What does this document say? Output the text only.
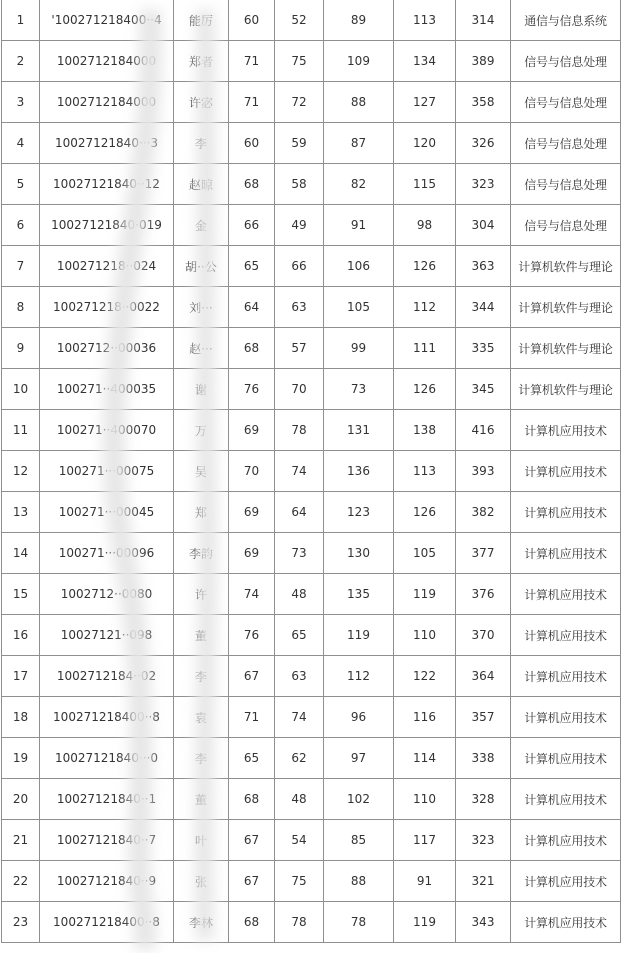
1	'100271218400··4	能厉	60	52	89	113	314	通信与信息系统
2	1002712184000	郑者	71	75	109	134	389	信号与信息处理
3	1002712184000	许宓	71	72	88	127	358	信号与信息处理
4	10027121840···3	李	60	59	87	120	326	信号与信息处理
5	10027121840··12	赵晾	68	58	82	115	323	信号与信息处理
6	10027121840·019	金	66	49	91	98	304	信号与信息处理
7	100271218··024	胡··公	65	66	106	126	363	计算机软件与理论
8	100271218··0022	刘···	64	63	105	112	344	计算机软件与理论
9	1002712··00036	赵···	68	57	99	111	335	计算机软件与理论
10	100271··400035	谢	76	70	73	126	345	计算机软件与理论
11	100271··400070	万	69	78	131	138	416	计算机应用技术
12	100271···00075	吴	70	74	136	113	393	计算机应用技术
13	100271···00045	郑	69	64	123	126	382	计算机应用技术
14	100271···00096	李韵	69	73	130	105	377	计算机应用技术
15	1002712··0080	许	74	48	135	119	376	计算机应用技术
16	10027121··098	董	76	65	119	110	370	计算机应用技术
17	1002712184··02	李	67	63	112	122	364	计算机应用技术
18	100271218400··8	袁	71	74	96	116	357	计算机应用技术
19	10027121840···0	李	65	62	97	114	338	计算机应用技术
20	10027121840··1	董	68	48	102	110	328	计算机应用技术
21	10027121840··7	叶	67	54	85	117	323	计算机应用技术
22	10027121840··9	张	67	75	88	91	321	计算机应用技术
23	100271218400··8	李林	68	78	78	119	343	计算机应用技术
